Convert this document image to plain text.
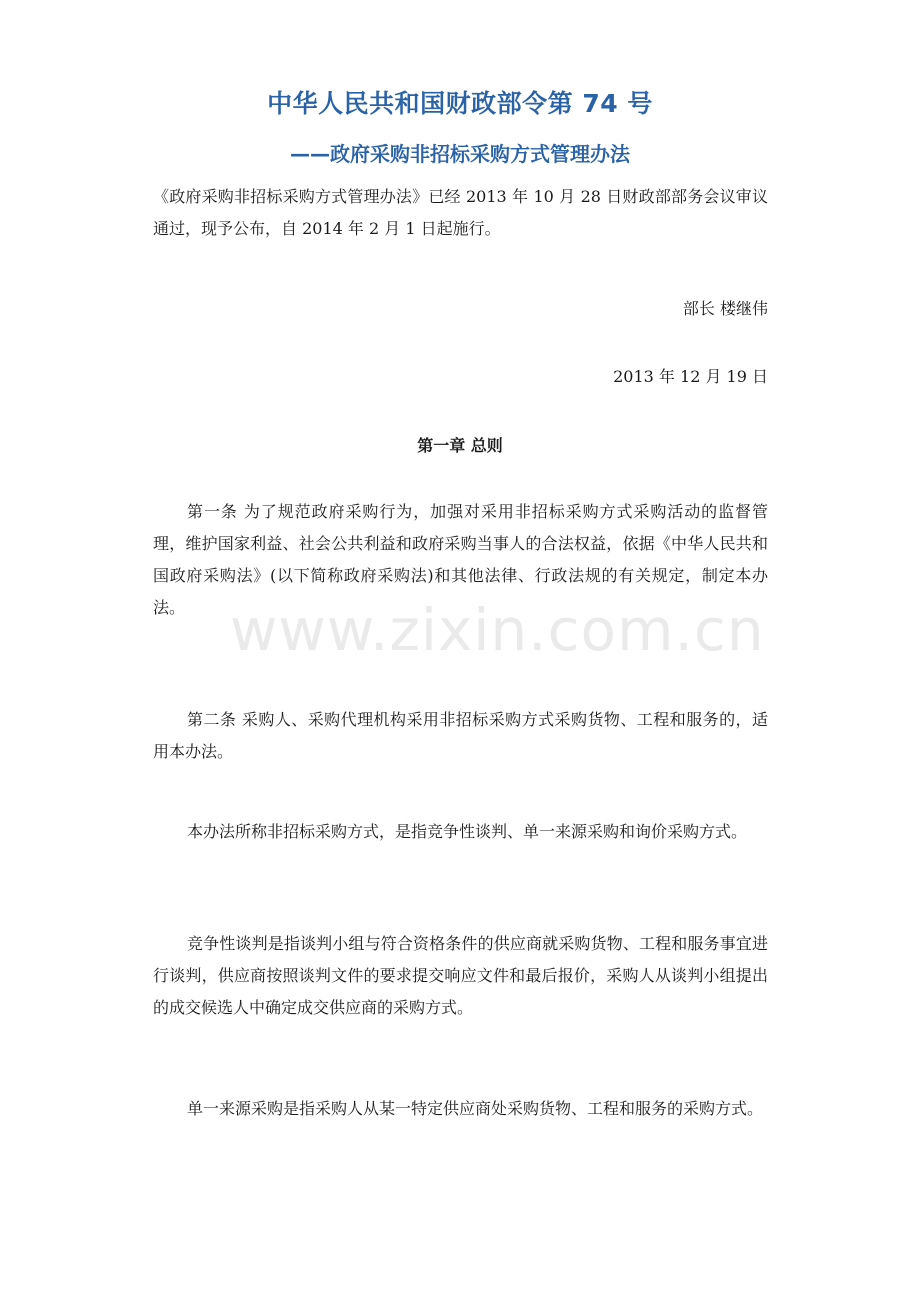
中华人民共和国财政部令第 74 号
——政府采购非招标采购方式管理办法

《政府采购非招标采购方式管理办法》已经 2013 年 10 月 28 日财政部部务会议审议通过，现予公布，自 2014 年 2 月 1 日起施行。

部长 楼继伟

2013 年 12 月 19 日

第一章 总则

第一条 为了规范政府采购行为，加强对采用非招标采购方式采购活动的监督管理，维护国家利益、社会公共利益和政府采购当事人的合法权益，依据《中华人民共和国政府采购法》(以下简称政府采购法)和其他法律、行政法规的有关规定，制定本办法。

第二条 采购人、采购代理机构采用非招标采购方式采购货物、工程和服务的，适用本办法。

本办法所称非招标采购方式，是指竞争性谈判、单一来源采购和询价采购方式。

竞争性谈判是指谈判小组与符合资格条件的供应商就采购货物、工程和服务事宜进行谈判，供应商按照谈判文件的要求提交响应文件和最后报价，采购人从谈判小组提出的成交候选人中确定成交供应商的采购方式。

单一来源采购是指采购人从某一特定供应商处采购货物、工程和服务的采购方式。

www.zixin.com.cn
